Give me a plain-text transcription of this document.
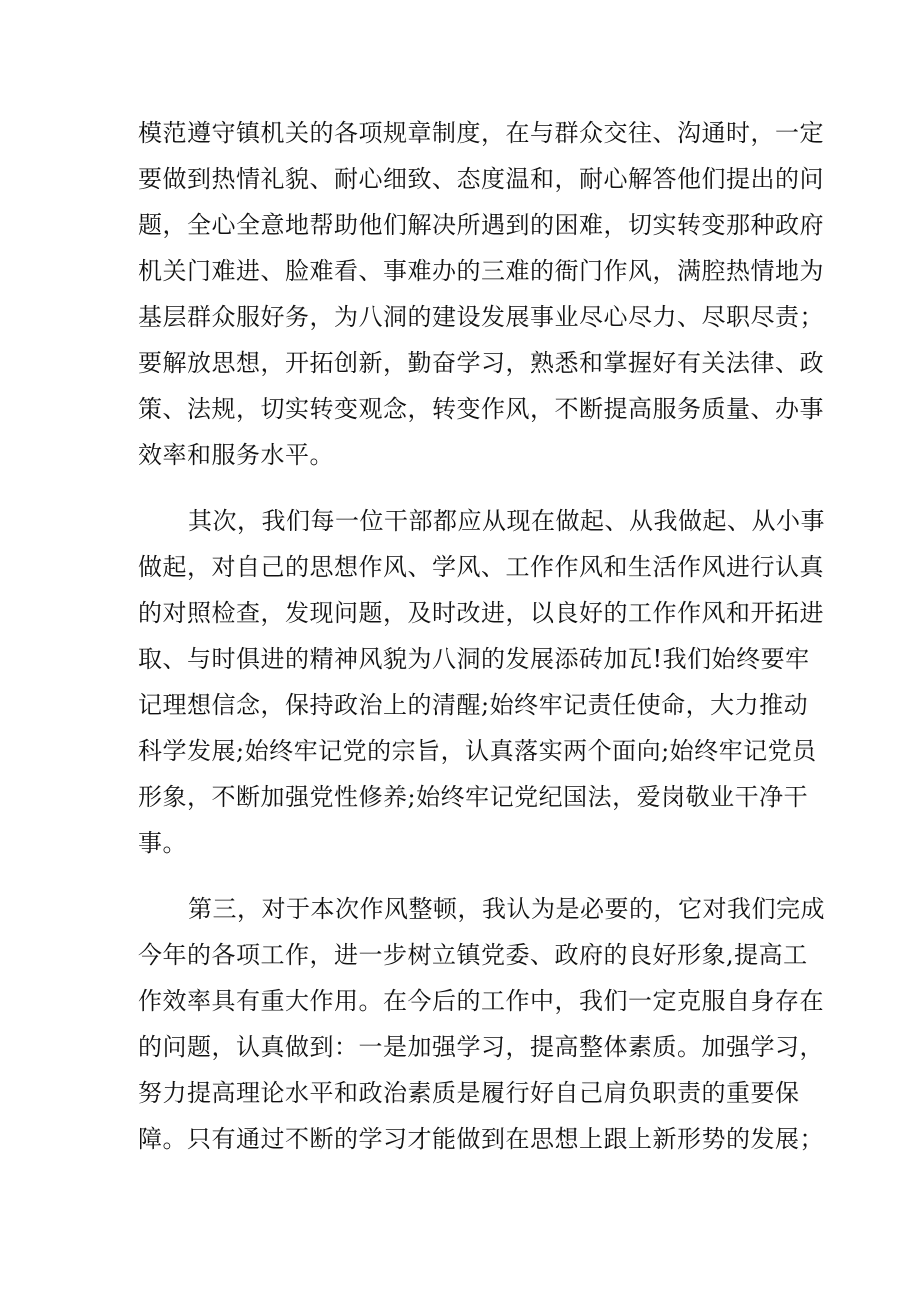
模范遵守镇机关的各项规章制度，在与群众交往、沟通时，一定
要做到热情礼貌、耐心细致、态度温和，耐心解答他们提出的问
题，全心全意地帮助他们解决所遇到的困难，切实转变那种政府
机关门难进、脸难看、事难办的三难的衙门作风，满腔热情地为
基层群众服好务，为八洞的建设发展事业尽心尽力、尽职尽责；
要解放思想，开拓创新，勤奋学习，熟悉和掌握好有关法律、政
策、法规，切实转变观念，转变作风，不断提高服务质量、办事
效率和服务水平。
其次，我们每一位干部都应从现在做起、从我做起、从小事
做起，对自己的思想作风、学风、工作作风和生活作风进行认真
的对照检查，发现问题，及时改进，以良好的工作作风和开拓进
取、与时俱进的精神风貌为八洞的发展添砖加瓦!我们始终要牢
记理想信念，保持政治上的清醒;始终牢记责任使命，大力推动
科学发展;始终牢记党的宗旨，认真落实两个面向;始终牢记党员
形象，不断加强党性修养;始终牢记党纪国法，爱岗敬业干净干
事。
第三，对于本次作风整顿，我认为是必要的，它对我们完成
今年的各项工作，进一步树立镇党委、政府的良好形象,提高工
作效率具有重大作用。在今后的工作中，我们一定克服自身存在
的问题，认真做到：一是加强学习，提高整体素质。加强学习，
努力提高理论水平和政治素质是履行好自己肩负职责的重要保
障。只有通过不断的学习才能做到在思想上跟上新形势的发展；
